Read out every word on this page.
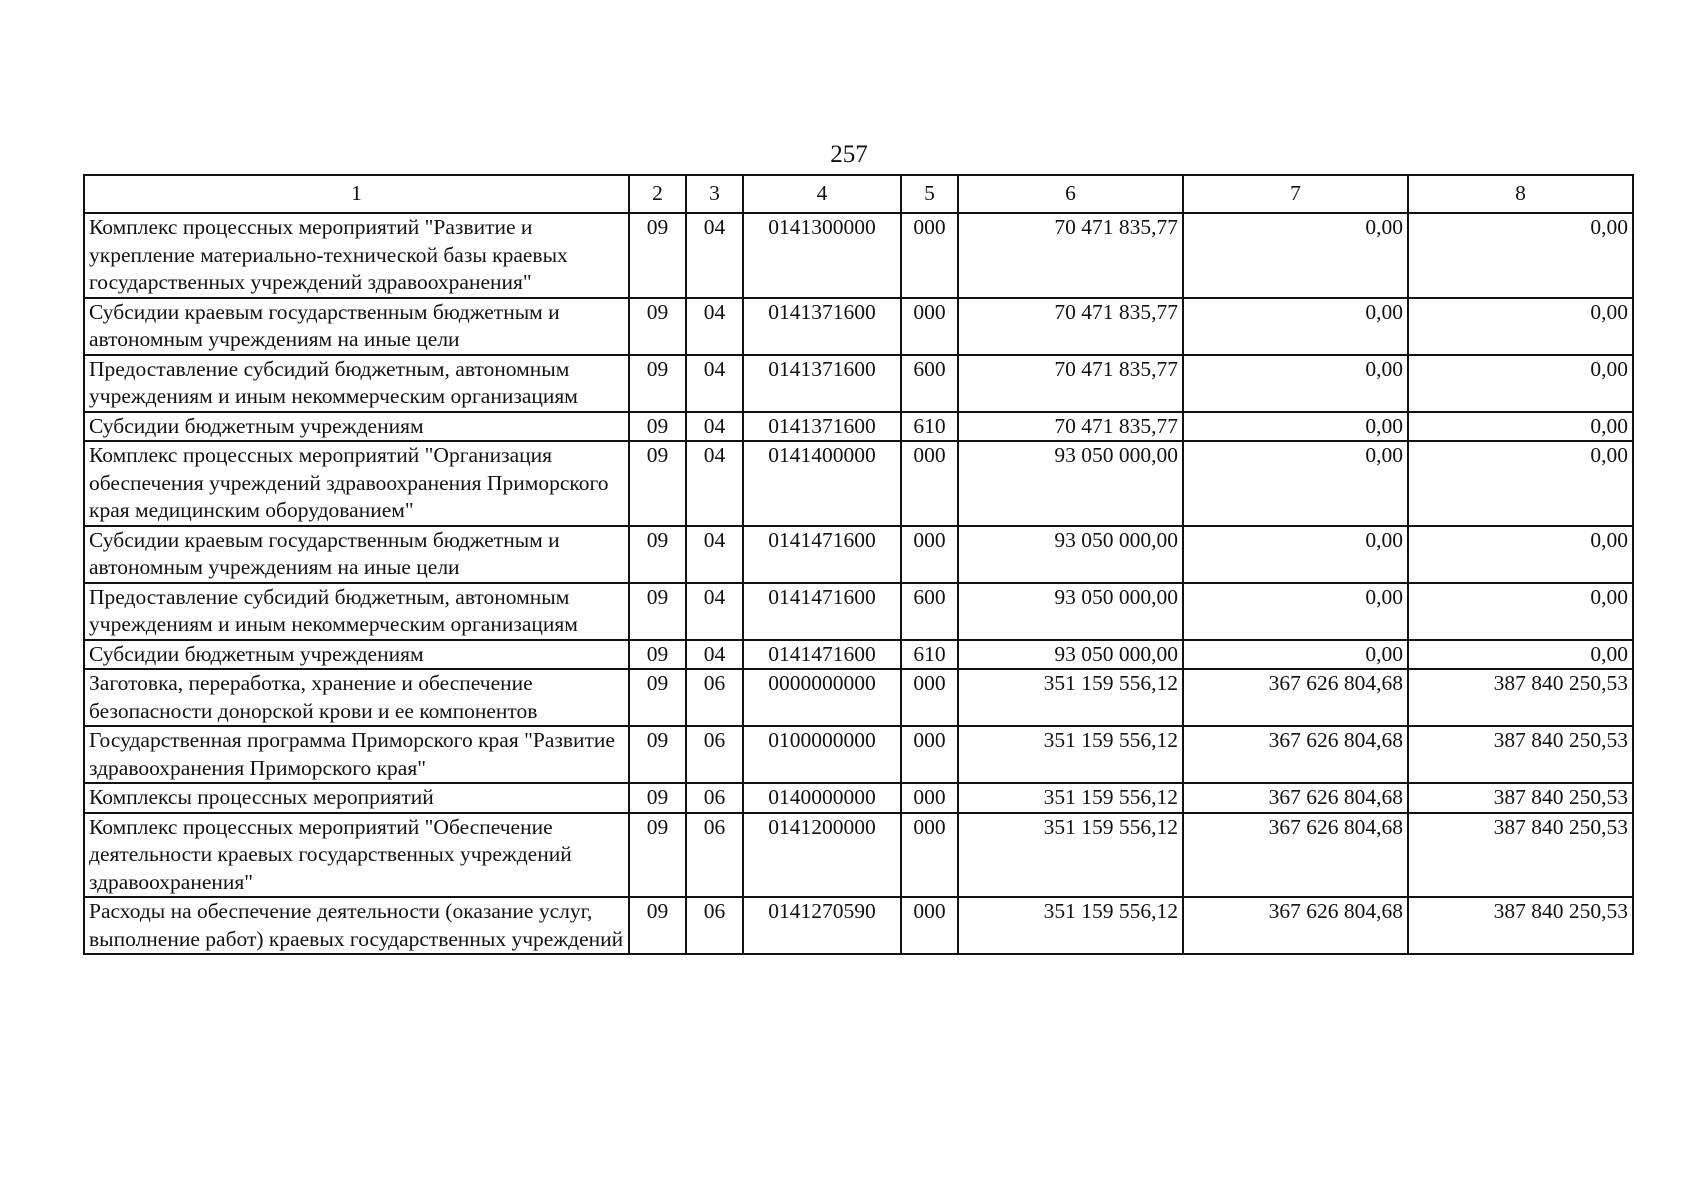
257
1	2	3	4	5	6	7	8
Комплекс процессных мероприятий "Развитие и укрепление материально-технической базы краевых государственных учреждений здравоохранения"	09	04	0141300000	000	70 471 835,77	0,00	0,00
Субсидии краевым государственным бюджетным и автономным учреждениям на иные цели	09	04	0141371600	000	70 471 835,77	0,00	0,00
Предоставление субсидий бюджетным, автономным учреждениям и иным некоммерческим организациям	09	04	0141371600	600	70 471 835,77	0,00	0,00
Субсидии бюджетным учреждениям	09	04	0141371600	610	70 471 835,77	0,00	0,00
Комплекс процессных мероприятий "Организация обеспечения учреждений здравоохранения Приморского края медицинским оборудованием"	09	04	0141400000	000	93 050 000,00	0,00	0,00
Субсидии краевым государственным бюджетным и автономным учреждениям на иные цели	09	04	0141471600	000	93 050 000,00	0,00	0,00
Предоставление субсидий бюджетным, автономным учреждениям и иным некоммерческим организациям	09	04	0141471600	600	93 050 000,00	0,00	0,00
Субсидии бюджетным учреждениям	09	04	0141471600	610	93 050 000,00	0,00	0,00
Заготовка, переработка, хранение и обеспечение безопасности донорской крови и ее компонентов	09	06	0000000000	000	351 159 556,12	367 626 804,68	387 840 250,53
Государственная программа Приморского края "Развитие здравоохранения Приморского края"	09	06	0100000000	000	351 159 556,12	367 626 804,68	387 840 250,53
Комплексы процессных мероприятий	09	06	0140000000	000	351 159 556,12	367 626 804,68	387 840 250,53
Комплекс процессных мероприятий "Обеспечение деятельности краевых государственных учреждений здравоохранения"	09	06	0141200000	000	351 159 556,12	367 626 804,68	387 840 250,53
Расходы на обеспечение деятельности (оказание услуг, выполнение работ) краевых государственных учреждений	09	06	0141270590	000	351 159 556,12	367 626 804,68	387 840 250,53
